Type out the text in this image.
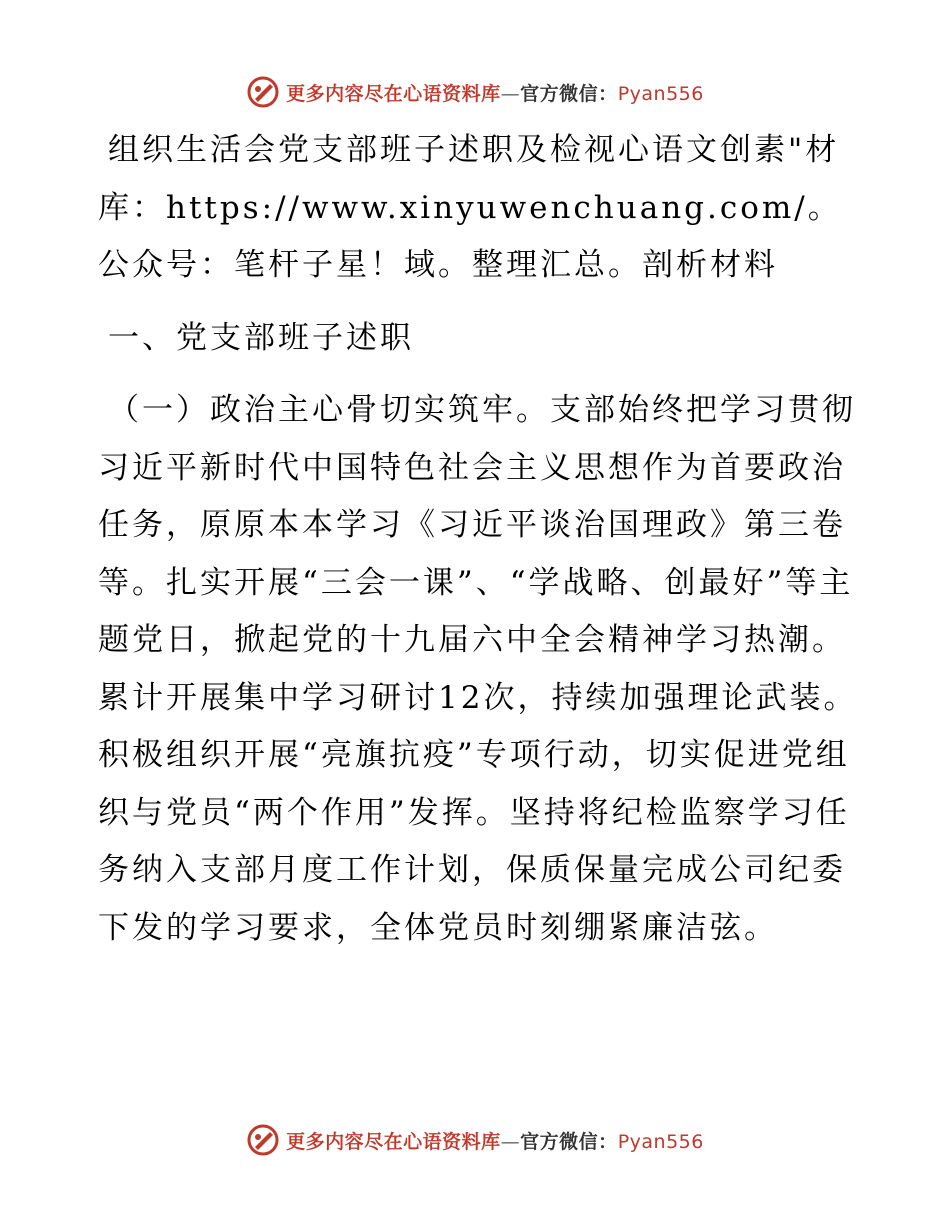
更多内容尽在心语资料库—官方微信：Pyan556

组织生活会党支部班子述职及检视心语文创素"材库：https://www.xinyuwenchuang.com/。公众号：笔杆子星！域。整理汇总。剖析材料

一、党支部班子述职

（一）政治主心骨切实筑牢。支部始终把学习贯彻习近平新时代中国特色社会主义思想作为首要政治任务，原原本本学习《习近平谈治国理政》第三卷等。扎实开展“三会一课”、“学战略、创最好”等主题党日，掀起党的十九届六中全会精神学习热潮。累计开展集中学习研讨12次，持续加强理论武装。积极组织开展“亮旗抗疫”专项行动，切实促进党组织与党员“两个作用”发挥。坚持将纪检监察学习任务纳入支部月度工作计划，保质保量完成公司纪委下发的学习要求，全体党员时刻绷紧廉洁弦。

更多内容尽在心语资料库—官方微信：Pyan556
